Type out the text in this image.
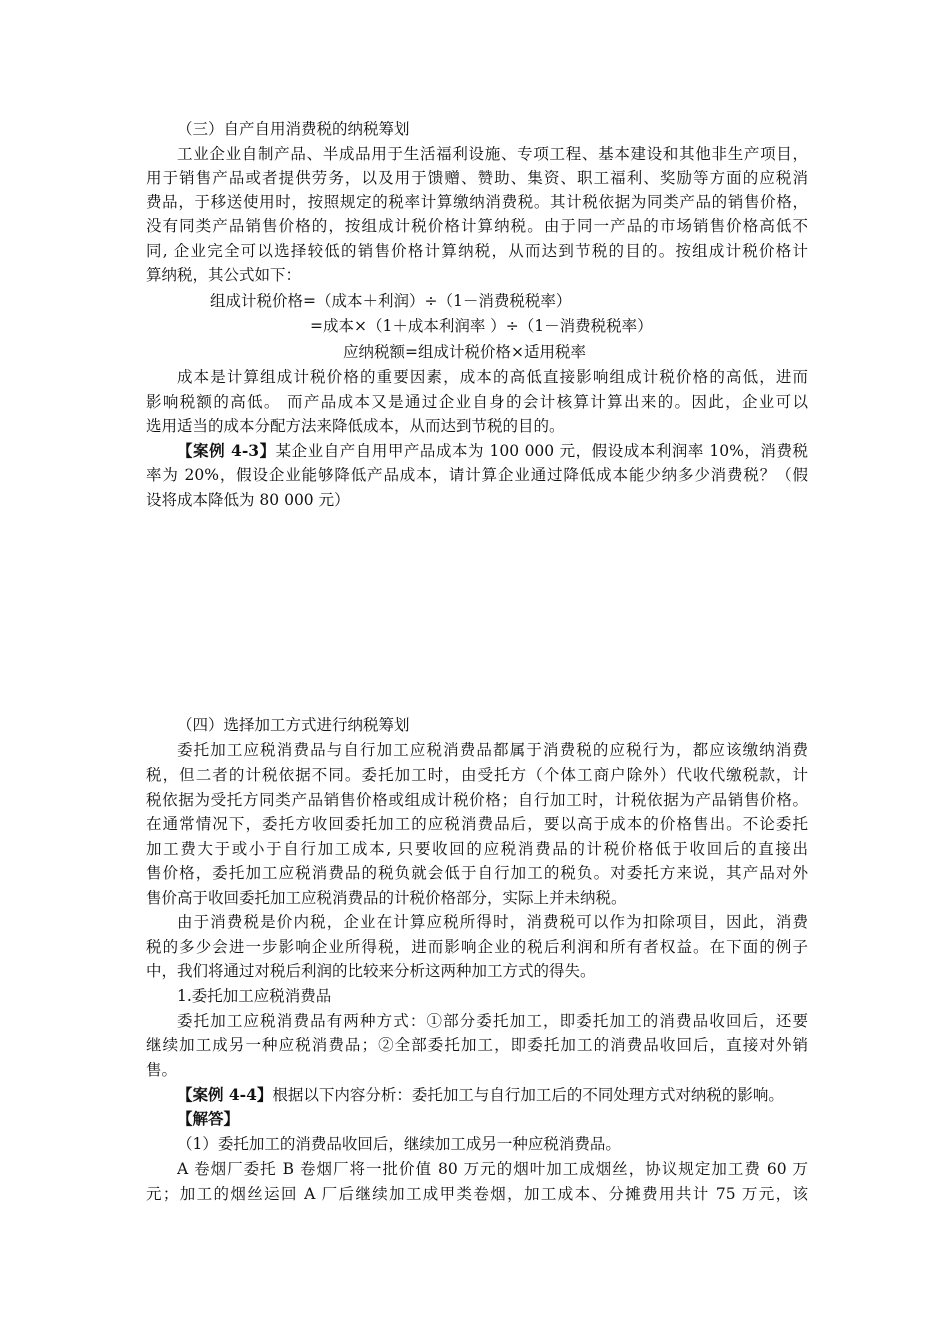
（三）自产自用消费税的纳税筹划
工业企业自制产品、半成品用于生活福利设施、专项工程、基本建设和其他非生产项目，
用于销售产品或者提供劳务，以及用于馈赠、赞助、集资、职工福利、奖励等方面的应税消
费品，于移送使用时，按照规定的税率计算缴纳消费税。其计税依据为同类产品的销售价格，
没有同类产品销售价格的，按组成计税价格计算纳税。由于同一产品的市场销售价格高低不
同, 企业完全可以选择较低的销售价格计算纳税，从而达到节税的目的。按组成计税价格计
算纳税，其公式如下：
组成计税价格=（成本＋利润）÷（1－消费税税率）
=成本×（1＋成本利润率 ）÷（1－消费税税率）
应纳税额=组成计税价格×适用税率
成本是计算组成计税价格的重要因素，成本的高低直接影响组成计税价格的高低，进而
影响税额的高低。 而产品成本又是通过企业自身的会计核算计算出来的。因此，企业可以
选用适当的成本分配方法来降低成本，从而达到节税的目的。
【案例 4-3】某企业自产自用甲产品成本为 100 000 元，假设成本利润率 10%，消费税
率为 20%，假设企业能够降低产品成本，请计算企业通过降低成本能少纳多少消费税？（假
设将成本降低为 80 000 元）
（四）选择加工方式进行纳税筹划
委托加工应税消费品与自行加工应税消费品都属于消费税的应税行为，都应该缴纳消费
税，但二者的计税依据不同。委托加工时，由受托方（个体工商户除外）代收代缴税款，计
税依据为受托方同类产品销售价格或组成计税价格；自行加工时，计税依据为产品销售价格。
在通常情况下，委托方收回委托加工的应税消费品后，要以高于成本的价格售出。不论委托
加工费大于或小于自行加工成本, 只要收回的应税消费品的计税价格低于收回后的直接出
售价格，委托加工应税消费品的税负就会低于自行加工的税负。对委托方来说，其产品对外
售价高于收回委托加工应税消费品的计税价格部分，实际上并未纳税。
由于消费税是价内税，企业在计算应税所得时，消费税可以作为扣除项目，因此，消费
税的多少会进一步影响企业所得税，进而影响企业的税后利润和所有者权益。在下面的例子
中，我们将通过对税后利润的比较来分析这两种加工方式的得失。
1.委托加工应税消费品
委托加工应税消费品有两种方式：①部分委托加工，即委托加工的消费品收回后，还要
继续加工成另一种应税消费品；②全部委托加工，即委托加工的消费品收回后，直接对外销
售。
【案例 4-4】根据以下内容分析：委托加工与自行加工后的不同处理方式对纳税的影响。
【解答】
（1）委托加工的消费品收回后，继续加工成另一种应税消费品。
A 卷烟厂委托 B 卷烟厂将一批价值 80 万元的烟叶加工成烟丝，协议规定加工费 60 万
元；加工的烟丝运回 A 厂后继续加工成甲类卷烟，加工成本、分摊费用共计 75 万元，该
